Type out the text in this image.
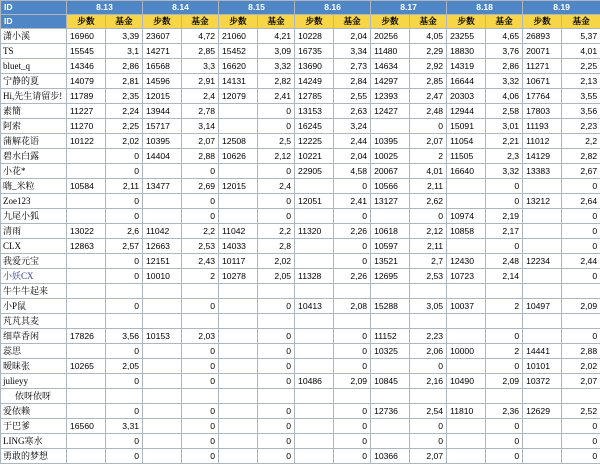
ID	8.13		8.14		8.15		8.16		8.17		8.18		8.19	
ID	步数	基金	步数	基金	步数	基金	步数	基金	步数	基金	步数	基金	步数	基金
潇小溪	16960	3,39	23607	4,72	21060	4,21	10228	2,04	20256	4,05	23255	4,65	26893	5,37
TS	15545	3,1	14271	2,85	15452	3,09	16735	3,34	11480	2,29	18830	3,76	20071	4,01
bluet_q	14346	2,86	16568	3,3	16620	3,32	13690	2,73	14634	2,92	14319	2,86	11271	2,25
宁静的夏	14079	2,81	14596	2,91	14131	2,82	14249	2,84	14297	2,85	16644	3,32	10671	2,13
Hi,先生请留步!	11789	2,35	12015	2,4	12079	2,41	12785	2,55	12393	2,47	20303	4,06	17764	3,55
素簡	11227	2,24	13944	2,78		0	13153	2,63	12427	2,48	12944	2,58	17803	3,56
阿索	11270	2,25	15717	3,14		0	16245	3,24		0	15091	3,01	11193	2,23
蒲解花语	10122	2,02	10395	2,07	12508	2,5	12225	2,44	10395	2,07	11054	2,21	11012	2,2
碧水白露		0	14404	2,88	10626	2,12	10221	2,04	10025	2	11505	2,3	14129	2,82
小花*		0		0		0	22905	4,58	20067	4,01	16640	3,32	13383	2,67
嗨_米粒	10584	2,11	13477	2,69	12015	2,4		0	10566	2,11		0		0
Zoe123		0		0		0	12051	2,41	13127	2,62		0	13212	2,64
九尾小狐		0		0		0		0		0	10974	2,19		0
清雨	13022	2,6	11042	2,2	11042	2,2	11320	2,26	10618	2,12	10858	2,17		0
CLX	12863	2,57	12663	2,53	14033	2,8		0	10597	2,11		0		0
我爱元宝		0	12151	2,43	10117	2,02		0	13521	2,7	12430	2,48	12234	2,44
小妖CX		0	10010	2	10278	2,05	11328	2,26	12695	2,53	10723	2,14		0
牛牛牛起来														
小P鼠		0		0		0	10413	2,08	15288	3,05	10037	2	10497	2,09
芃芃其麦														
细草香闲	17826	3,56	10153	2,03		0		0	11152	2,23		0		0
蕊思		0		0		0		0	10325	2,06	10000	2	14441	2,88
暧昧张	10265	2,05		0		0		0		0		0	10101	2,02
julieyy		0		0		0	10486	2,09	10845	2,16	10490	2,09	10372	2,07
依呀依呀														
爱依赖		0		0		0		0	12736	2,54	11810	2,36	12629	2,52
于巴爹	16560	3,31		0		0		0		0		0		0
LING寒水		0		0		0		0		0		0		0
勇敢的梦想		0		0		0		0	10366	2,07		0		0
